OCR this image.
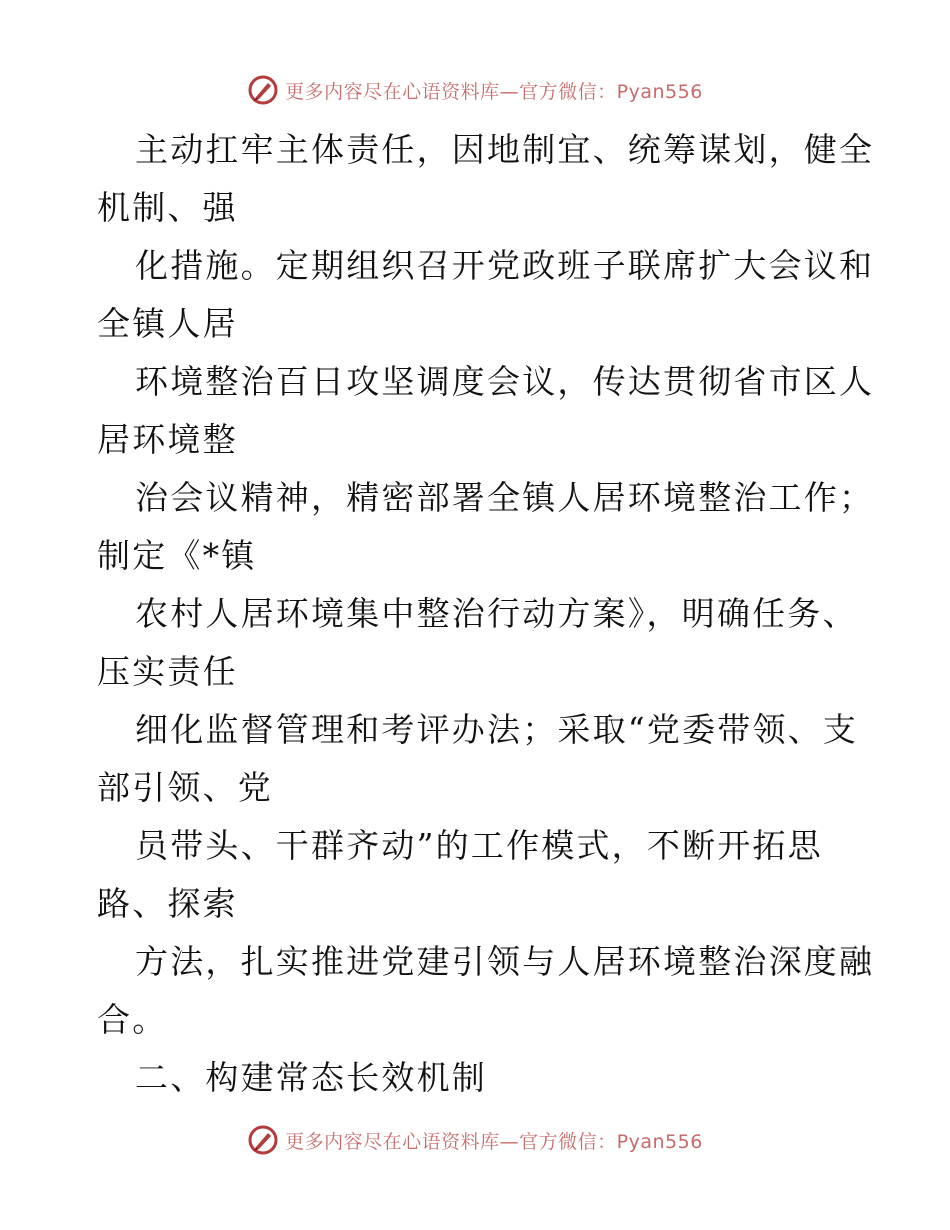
更多内容尽在心语资料库—官方微信：Pyan556
主动扛牢主体责任，因地制宜、统筹谋划，健全
机制、强
化措施。定期组织召开党政班子联席扩大会议和
全镇人居
环境整治百日攻坚调度会议，传达贯彻省市区人
居环境整
治会议精神，精密部署全镇人居环境整治工作；
制定《*镇
农村人居环境集中整治行动方案》，明确任务、
压实责任
细化监督管理和考评办法；采取“党委带领、支
部引领、党
员带头、干群齐动”的工作模式，不断开拓思
路、探索
方法，扎实推进党建引领与人居环境整治深度融
合。
二、构建常态长效机制
更多内容尽在心语资料库—官方微信：Pyan556
